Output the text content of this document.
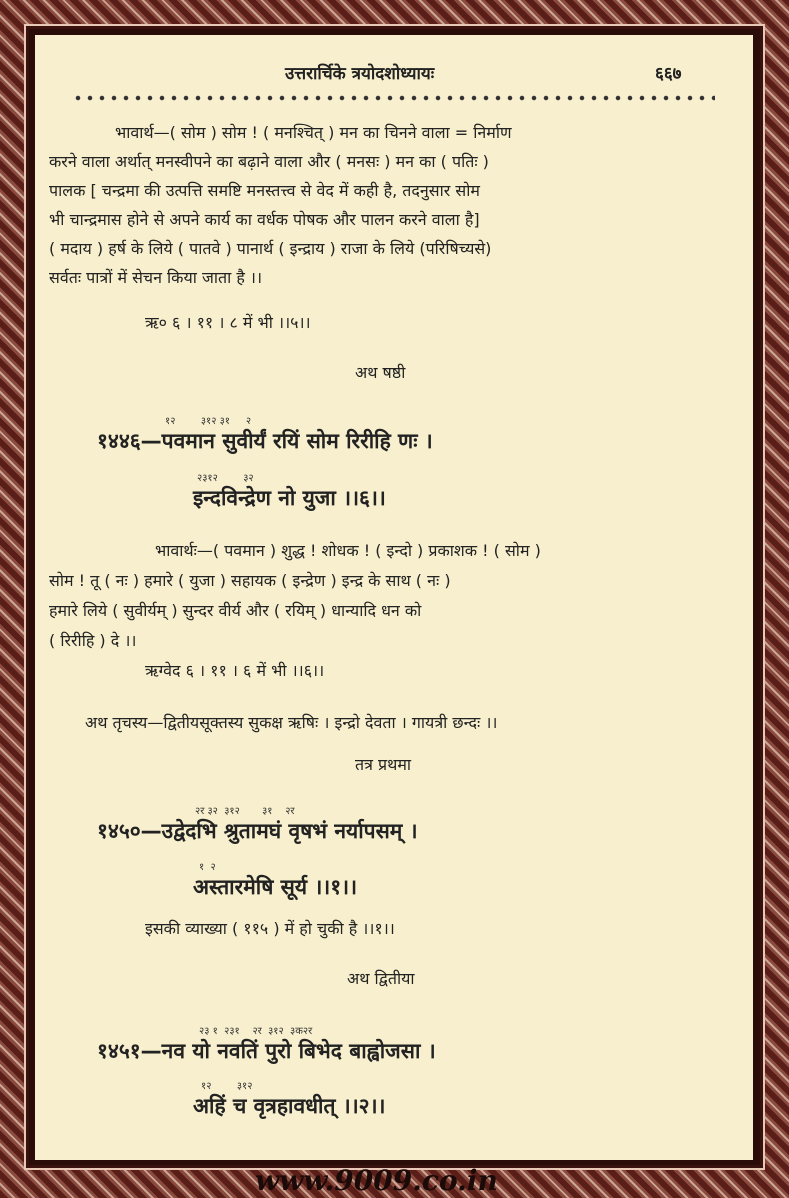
उत्तरार्चिके त्रयोदशोध्यायः	६६७
भावार्थ—( सोम ) सोम ! ( मनश्चित् ) मन का चिनने वाला = निर्माण
करने वाला अर्थात् मनस्वीपने का बढ़ाने वाला और ( मनसः ) मन का ( पतिः )
पालक [ चन्द्रमा की उत्पत्ति समष्टि मनस्तत्त्व से वेद में कही है, तदनुसार सोम
भी चान्द्रमास होने से अपने कार्य का वर्धक पोषक और पालन करने वाला है]
( मदाय ) हर्ष के लिये ( पातवे ) पानार्थ ( इन्द्राय ) राजा के लिये (परिषिच्यसे)
सर्वतः पात्रों में सेचन किया जाता है ।।
ऋ० ६ । ११ । ८ में भी ।।५।।
अथ षष्ठी
१२        ३१२ ३१     २
१४४६—पवमान सुवीर्यं रयिं सोम रिरीहि णः ।
२३१२        ३२
इन्दविन्द्रेण नो युजा ।।६।।
भावार्थः—( पवमान ) शुद्ध ! शोधक ! ( इन्दो ) प्रकाशक ! ( सोम )
सोम ! तू ( नः ) हमारे ( युजा ) सहायक ( इन्द्रेण ) इन्द्र के साथ ( नः )
हमारे लिये ( सुवीर्यम् ) सुन्दर वीर्य और ( रयिम् ) धान्यादि धन को
( रिरीहि ) दे ।।
ऋग्वेद ६ । ११ । ६ में भी ।।६।।
अथ तृचस्य—द्वितीयसूक्तस्य सुकक्ष ऋषिः । इन्द्रो देवता । गायत्री छन्दः ।।
तत्र प्रथमा
२र ३२  ३१२       ३१    २र
१४५०—उद्वेदभि श्रुतामघं वृषभं नर्यापसम् ।
१  २
अस्तारमेषि सूर्य ।।१।।
इसकी व्याख्या ( ११५ ) में हो चुकी है ।।१।।
अथ द्वितीया
२३ १  २३१    २र  ३१२  ३क२र
१४५१—नव यो नवतिं पुरो बिभेद बाह्वोजसा ।
१२        ३१२
अहिं च वृत्रहावधीत् ।।२।।
www.9009.co.in
